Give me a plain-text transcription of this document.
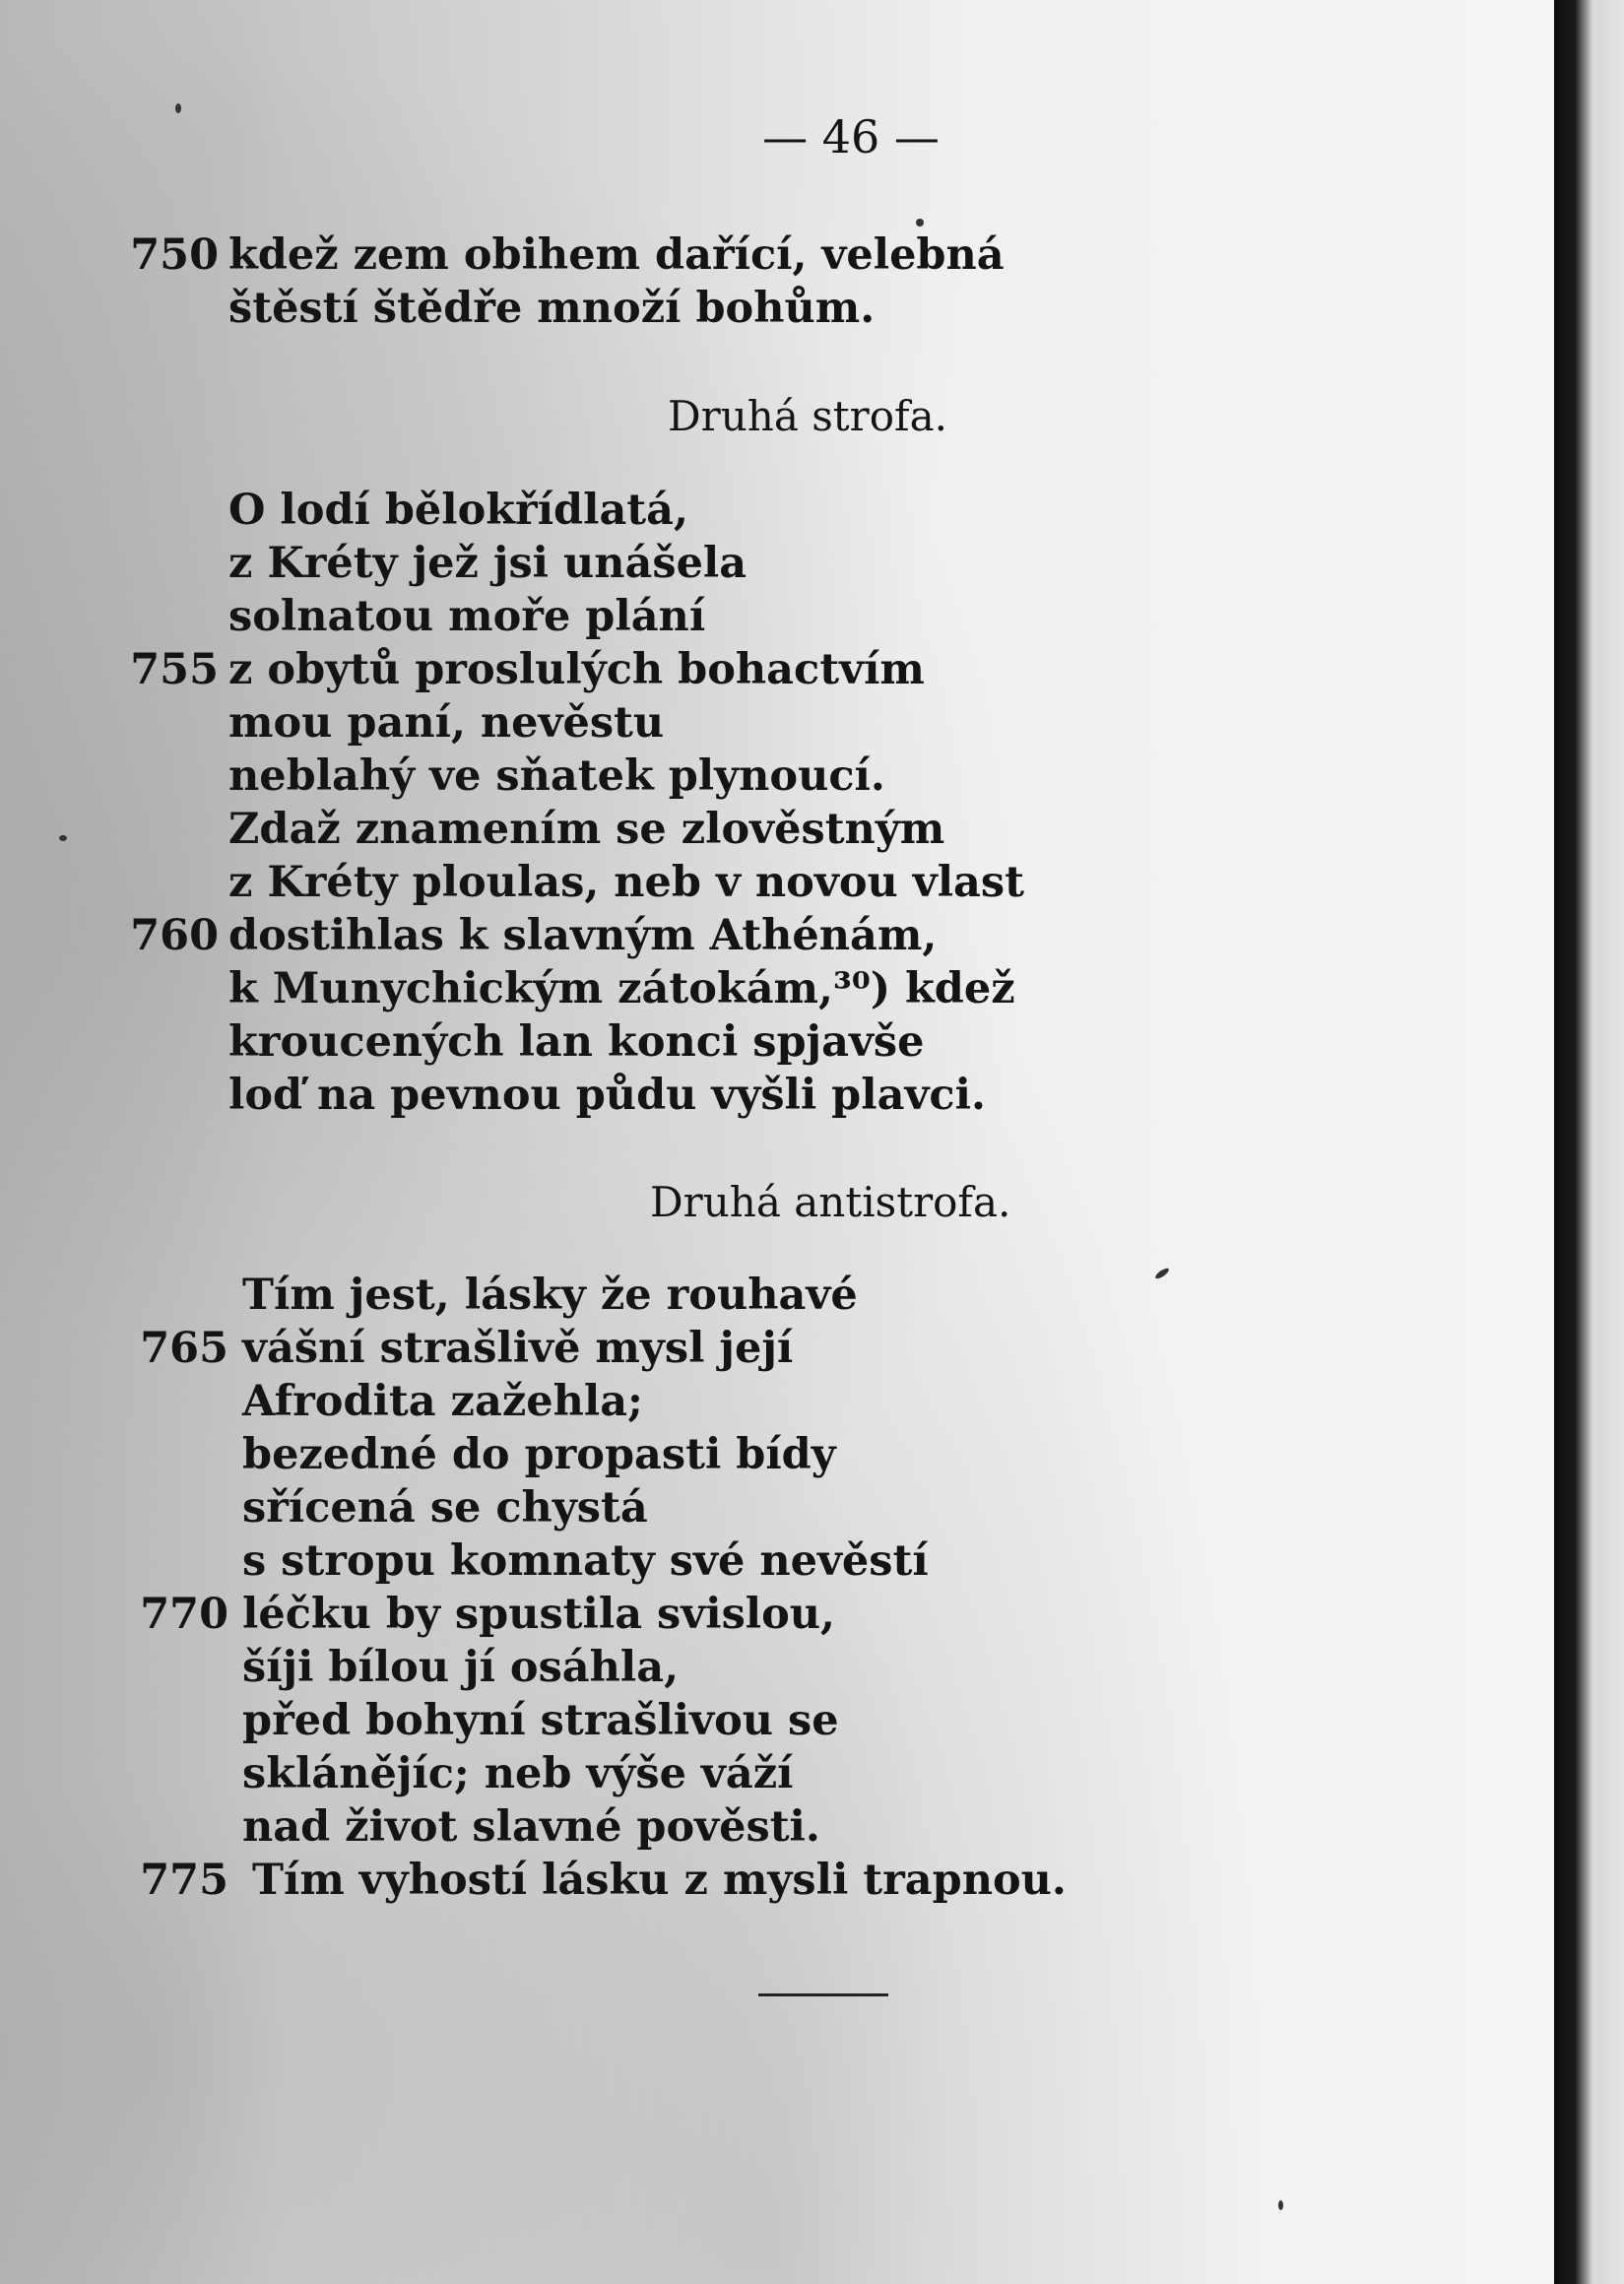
— 46 —
750 kdež zem obihem dařící, velebná
štěstí štědře množí bohům.
Druhá strofa.
O lodí bělokřídlatá,
z Kréty jež jsi unášela
solnatou moře plání
755 z obytů proslulých bohactvím
mou paní, nevěstu
neblahý ve sňatek plynoucí.
Zdaž znamením se zlověstným
z Kréty ploulas, neb v novou vlast
760 dostihlas k slavným Athénám,
k Munychickým zátokám,³⁰) kdež
kroucených lan konci spjavše
loď na pevnou půdu vyšli plavci.
Druhá antistrofa.
Tím jest, lásky že rouhavé
765 vášní strašlivě mysl její
Afrodita zažehla;
bezedné do propasti bídy
sřícená se chystá
s stropu komnaty své nevěstí
770 léčku by spustila svislou,
šíji bílou jí osáhla,
před bohyní strašlivou se
sklánějíc; neb výše váží
nad život slavné pověsti.
775 Tím vyhostí lásku z mysli trapnou.
